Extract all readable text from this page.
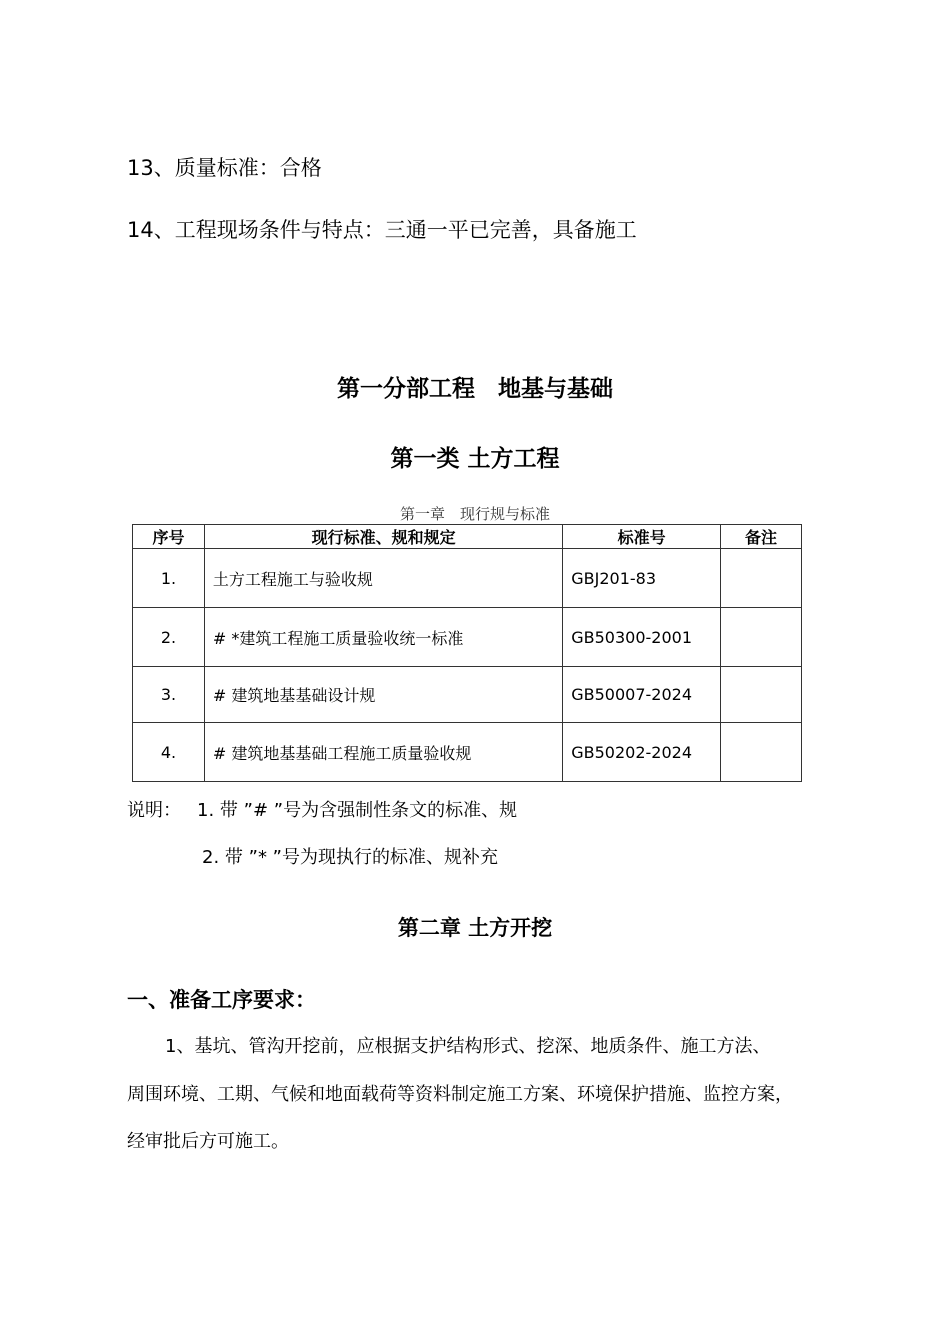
13、质量标准：合格
14、工程现场条件与特点：三通一平已完善，具备施工
第一分部工程　地基与基础
第一类 土方工程
第一章　现行规与标准
序号	现行标准、规和规定	标准号	备注
1.	土方工程施工与验收规	GBJ201-83	
2.	# *建筑工程施工质量验收统一标准	GB50300-2001	
3.	# 建筑地基基础设计规	GB50007-2024	
4.	# 建筑地基基础工程施工质量验收规	GB50202-2024	
说明： 1. 带 ”# ”号为含强制性条文的标准、规
2. 带 ”* ”号为现执行的标准、规补充
第二章 土方开挖
一、准备工序要求：
1、基坑、管沟开挖前，应根据支护结构形式、挖深、地质条件、施工方法、
周围环境、工期、气候和地面载荷等资料制定施工方案、环境保护措施、监控方案，
经审批后方可施工。
